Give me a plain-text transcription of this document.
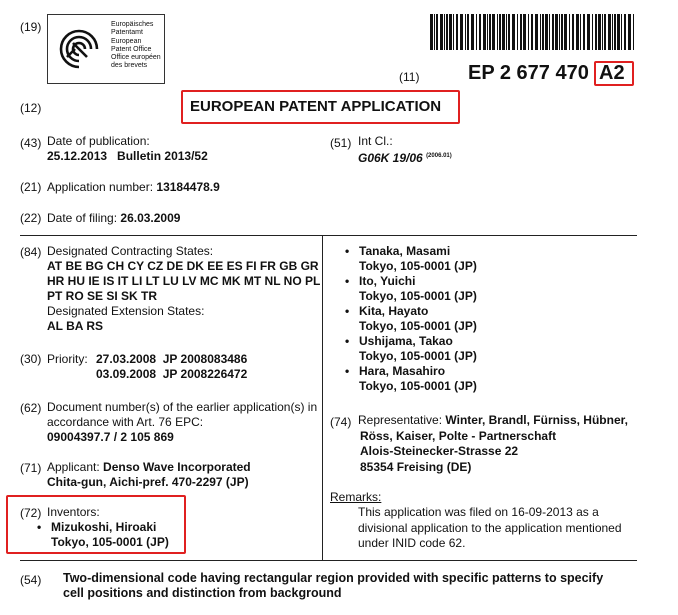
(19)	Europäisches
Patentamt
European
Patent Office
Office européen
des brevets
(11) EP 2 677 470 A2
(12)	EUROPEAN PATENT APPLICATION
(43) Date of publication:
25.12.2013   Bulletin 2013/52
(51) Int Cl.:
G06K 19/06 $^{(2006.01)}$
(21) Application number: 13184478.9
(22) Date of filing: 26.03.2009
(84) Designated Contracting States:
AT BE BG CH CY CZ DE DK EE ES FI FR GB GR
HR HU IE IS IT LI LT LU LV MC MK MT NL NO PL
PT RO SE SI SK TR
Designated Extension States:
AL BA RS
(30) Priority: 27.03.2008 JP 2008083486
03.09.2008 JP 2008226472
(62) Document number(s) of the earlier application(s) in
accordance with Art. 76 EPC:
09004397.7 / 2 105 869
(71) Applicant: Denso Wave Incorporated
Chita-gun, Aichi-pref. 470-2297 (JP)
(72) Inventors:
• Mizukoshi, Hiroaki
Tokyo, 105-0001 (JP)
• Tanaka, Masami
Tokyo, 105-0001 (JP)
• Ito, Yuichi
Tokyo, 105-0001 (JP)
• Kita, Hayato
Tokyo, 105-0001 (JP)
• Ushijama, Takao
Tokyo, 105-0001 (JP)
• Hara, Masahiro
Tokyo, 105-0001 (JP)
(74) Representative: Winter, Brandl, Fürniss, Hübner,
Röss, Kaiser, Polte - Partnerschaft
Alois-Steinecker-Strasse 22
85354 Freising (DE)
Remarks:
This application was filed on 16-09-2013 as a
divisional application to the application mentioned
under INID code 62.
(54) Two-dimensional code having rectangular region provided with specific patterns to specify
cell positions and distinction from background
